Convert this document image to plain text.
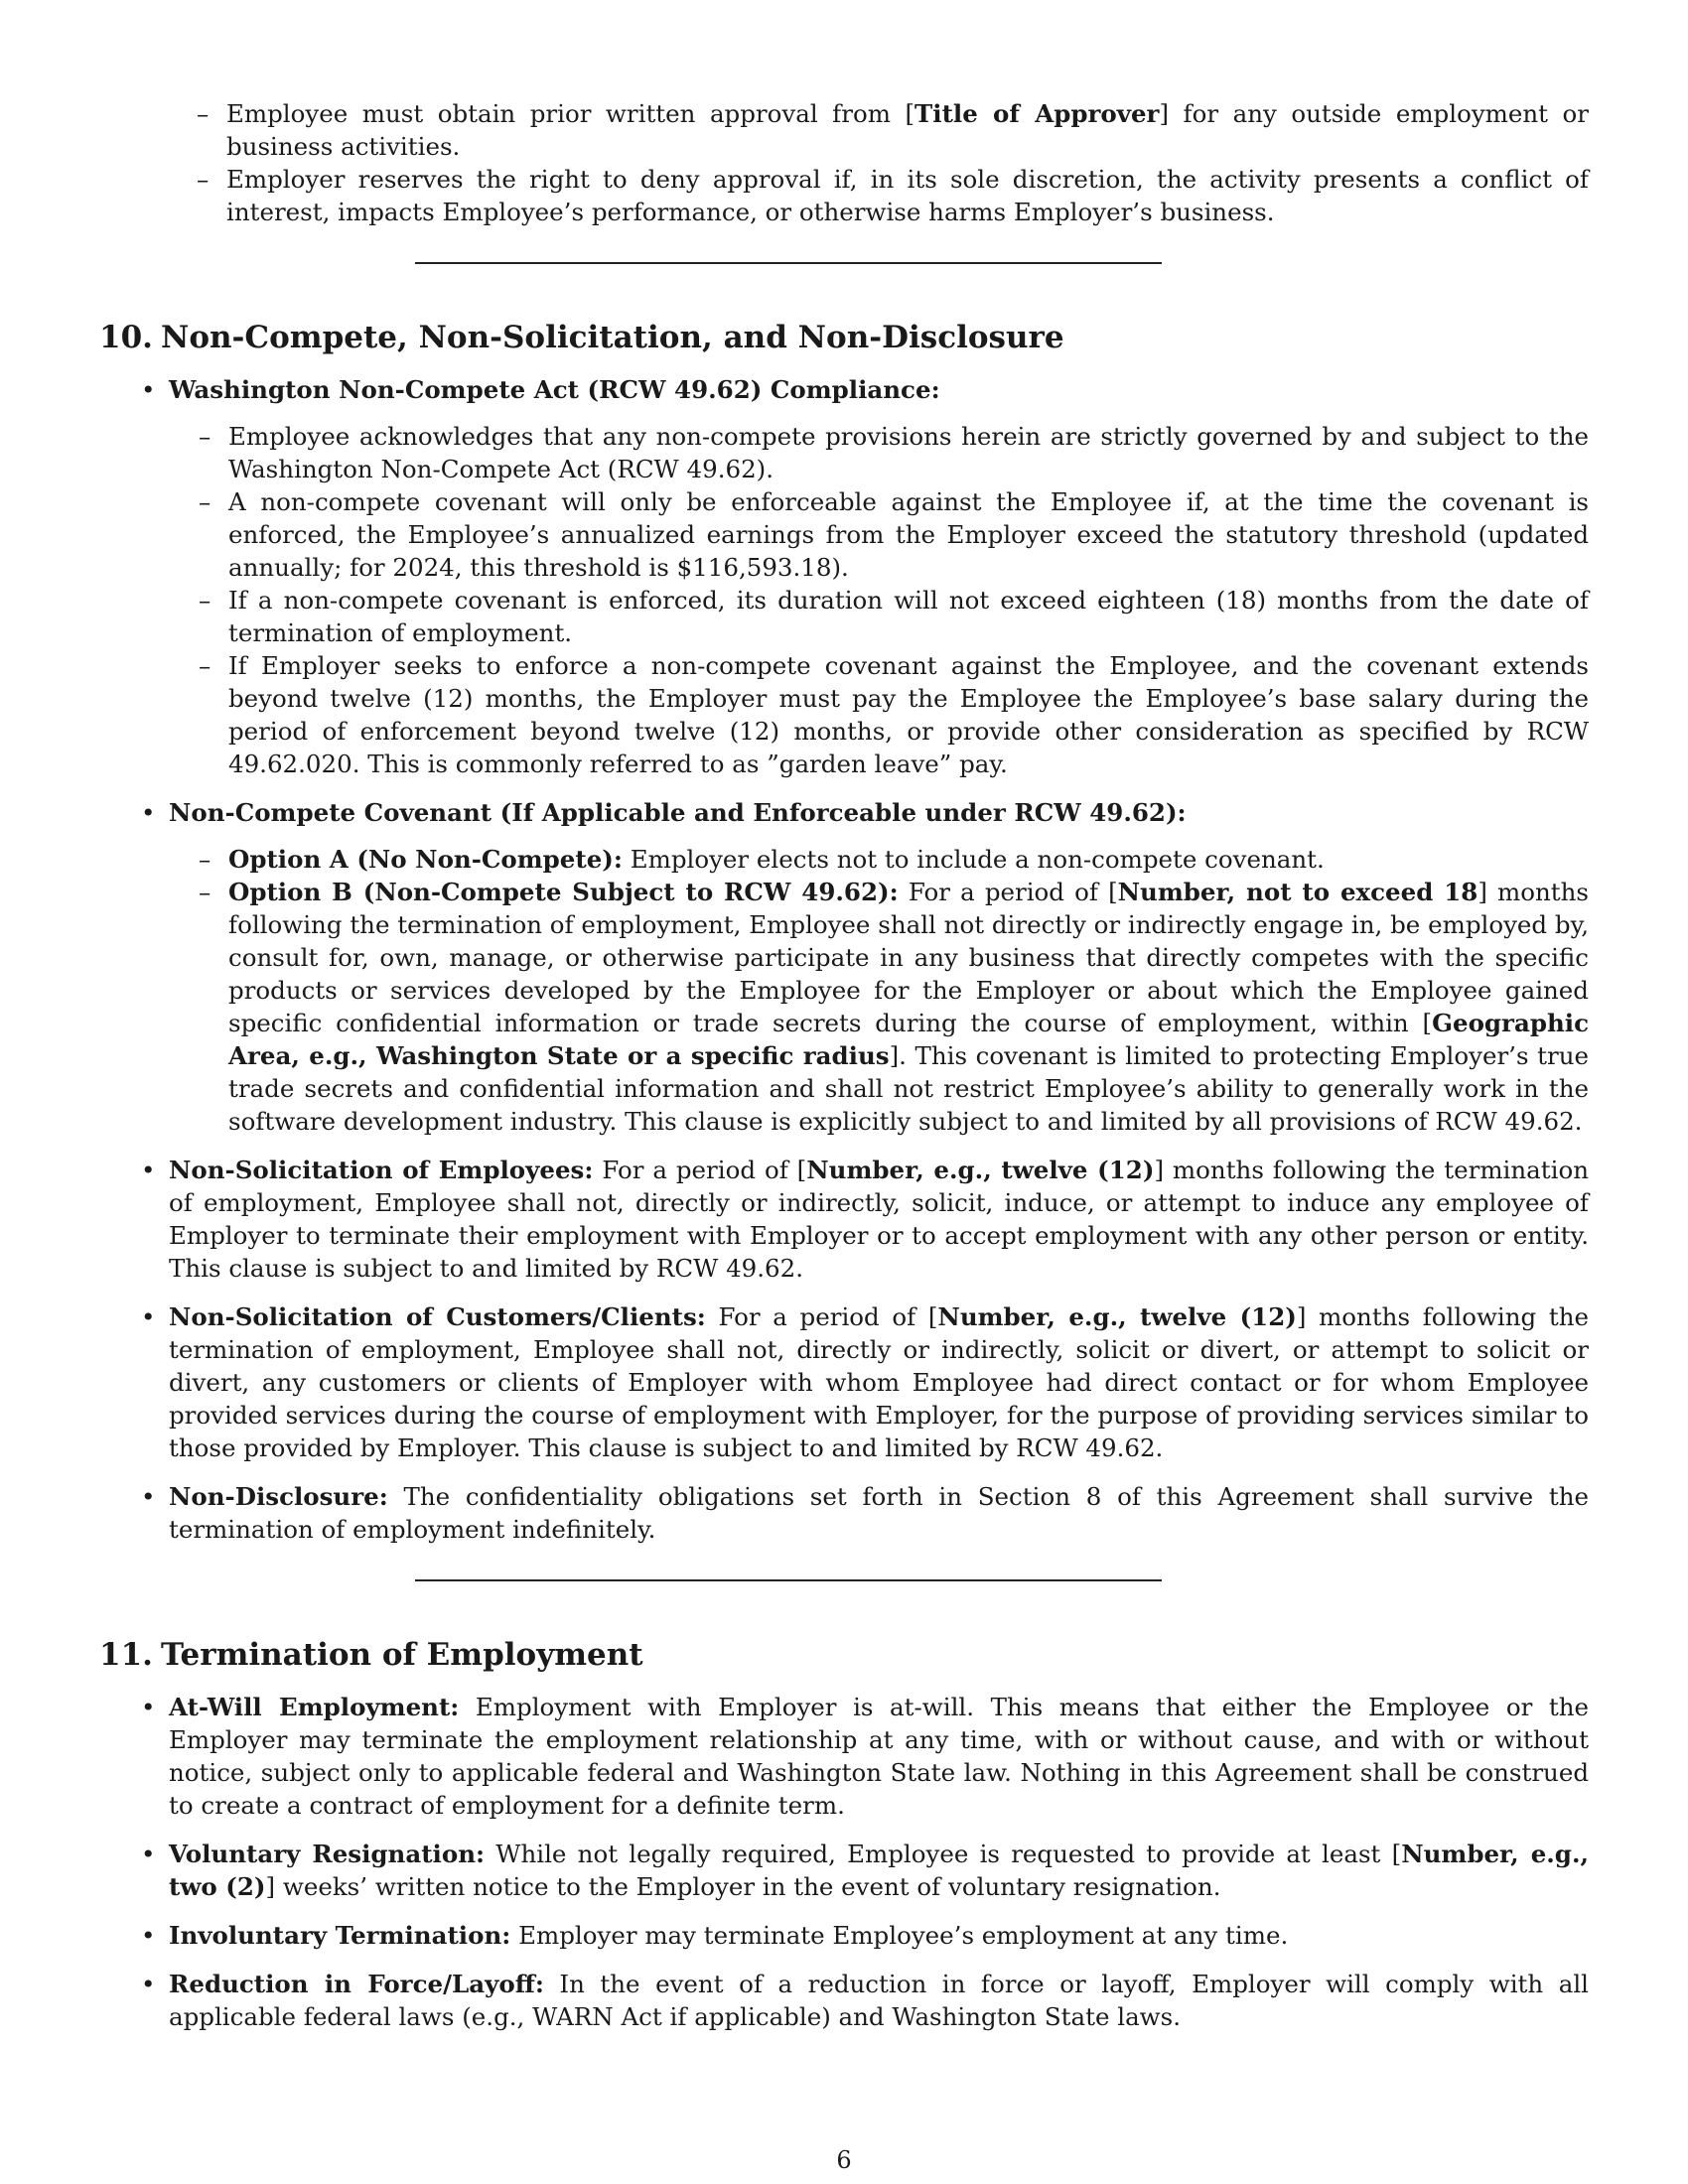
– Employee must obtain prior written approval from [Title of Approver] for any outside employment or business activities.
– Employer reserves the right to deny approval if, in its sole discretion, the activity presents a conflict of interest, impacts Employee’s performance, or otherwise harms Employer’s business.
10. Non-Compete, Non-Solicitation, and Non-Disclosure
• Washington Non-Compete Act (RCW 49.62) Compliance:

– Employee acknowledges that any non-compete provisions herein are strictly governed by and subject to the Washington Non-Compete Act (RCW 49.62).
– A non-compete covenant will only be enforceable against the Employee if, at the time the covenant is enforced, the Employee’s annualized earnings from the Employer exceed the statutory threshold (updated annually; for 2024, this threshold is $116,593.18).
– If a non-compete covenant is enforced, its duration will not exceed eighteen (18) months from the date of termination of employment.
– If Employer seeks to enforce a non-compete covenant against the Employee, and the covenant extends beyond twelve (12) months, the Employer must pay the Employee the Employee’s base salary during the period of enforcement beyond twelve (12) months, or provide other consideration as specified by RCW 49.62.020. This is commonly referred to as ”garden leave” pay.
• Non-Compete Covenant (If Applicable and Enforceable under RCW 49.62):

– Option A (No Non-Compete): Employer elects not to include a non-compete covenant.
– Option B (Non-Compete Subject to RCW 49.62): For a period of [Number, not to exceed 18] months following the termination of employment, Employee shall not directly or indirectly engage in, be employed by, consult for, own, manage, or otherwise participate in any business that directly competes with the specific products or services developed by the Employee for the Employer or about which the Employee gained specific confidential information or trade secrets during the course of employment, within [Geographic Area, e.g., Washington State or a specific radius]. This covenant is limited to protecting Employer’s true trade secrets and confidential information and shall not restrict Employee’s ability to generally work in the software development industry. This clause is explicitly subject to and limited by all provisions of RCW 49.62.
• Non-Solicitation of Employees: For a period of [Number, e.g., twelve (12)] months following the termination of employment, Employee shall not, directly or indirectly, solicit, induce, or attempt to induce any employee of Employer to terminate their employment with Employer or to accept employment with any other person or entity. This clause is subject to and limited by RCW 49.62.

• Non-Solicitation of Customers/Clients: For a period of [Number, e.g., twelve (12)] months following the termination of employment, Employee shall not, directly or indirectly, solicit or divert, or attempt to solicit or divert, any customers or clients of Employer with whom Employee had direct contact or for whom Employee provided services during the course of employment with Employer, for the purpose of providing services similar to those provided by Employer. This clause is subject to and limited by RCW 49.62.

• Non-Disclosure: The confidentiality obligations set forth in Section 8 of this Agreement shall survive the termination of employment indefinitely.

11. Termination of Employment
• At-Will Employment: Employment with Employer is at-will. This means that either the Employee or the Employer may terminate the employment relationship at any time, with or without cause, and with or without notice, subject only to applicable federal and Washington State law. Nothing in this Agreement shall be construed to create a contract of employment for a definite term.

• Voluntary Resignation: While not legally required, Employee is requested to provide at least [Number, e.g., two (2)] weeks’ written notice to the Employer in the event of voluntary resignation.

• Involuntary Termination: Employer may terminate Employee’s employment at any time.

• Reduction in Force/Layoff: In the event of a reduction in force or layoff, Employer will comply with all applicable federal laws (e.g., WARN Act if applicable) and Washington State laws.

6
